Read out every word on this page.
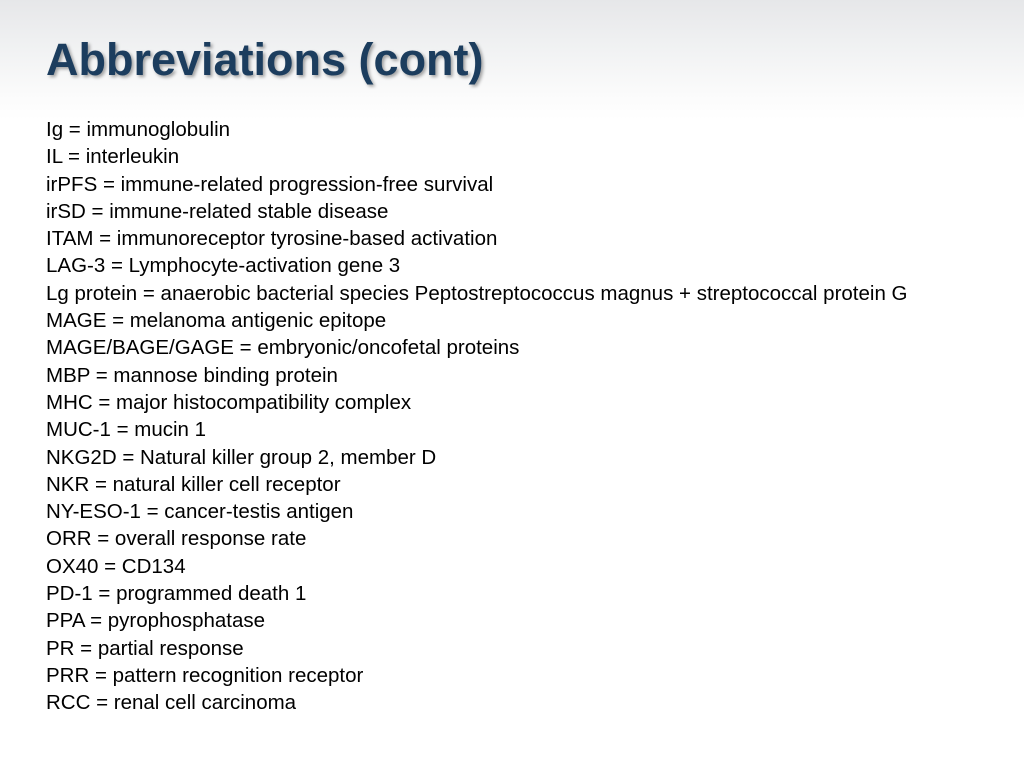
Abbreviations (cont)
Ig = immunoglobulin
IL = interleukin
irPFS = immune-related progression-free survival
irSD = immune-related stable disease
ITAM = immunoreceptor tyrosine-based activation
LAG-3 = Lymphocyte-activation gene 3
Lg protein = anaerobic bacterial species Peptostreptococcus magnus + streptococcal protein G
MAGE = melanoma antigenic epitope
MAGE/BAGE/GAGE = embryonic/oncofetal proteins
MBP = mannose binding protein
MHC = major histocompatibility complex
MUC-1 = mucin 1
NKG2D = Natural killer group 2, member D
NKR = natural killer cell receptor
NY-ESO-1 = cancer-testis antigen
ORR = overall response rate
OX40 = CD134
PD-1 = programmed death 1
PPA = pyrophosphatase
PR = partial response
PRR = pattern recognition receptor
RCC = renal cell carcinoma
